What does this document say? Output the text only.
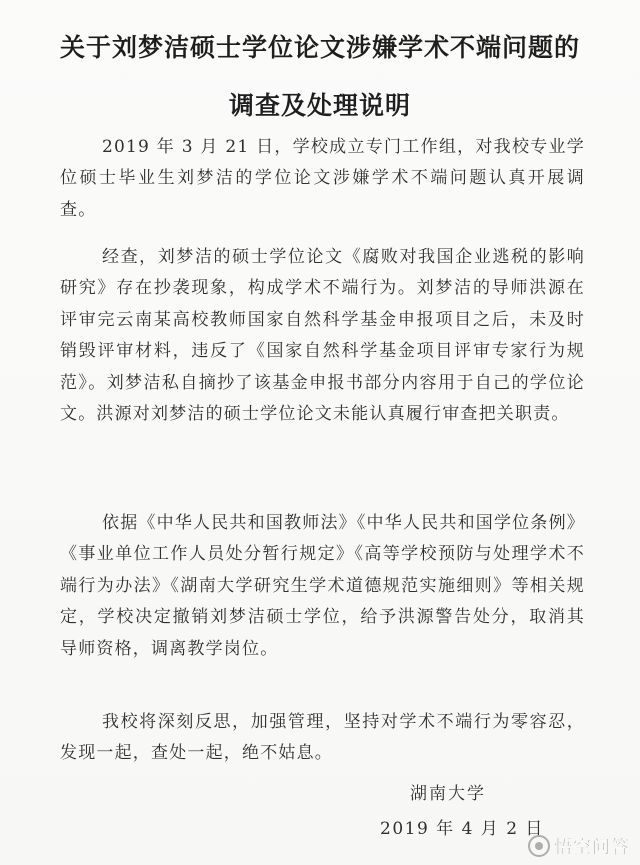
关于刘梦洁硕士学位论文涉嫌学术不端问题的
调查及处理说明
2019 年 3 月 21 日，学校成立专门工作组，对我校专业学位硕士毕业生刘梦洁的学位论文涉嫌学术不端问题认真开展调查。
经查，刘梦洁的硕士学位论文《腐败对我国企业逃税的影响研究》存在抄袭现象，构成学术不端行为。刘梦洁的导师洪源在评审完云南某高校教师国家自然科学基金申报项目之后，未及时销毁评审材料，违反了《国家自然科学基金项目评审专家行为规范》。刘梦洁私自摘抄了该基金申报书部分内容用于自己的学位论文。洪源对刘梦洁的硕士学位论文未能认真履行审查把关职责。
依据《中华人民共和国教师法》《中华人民共和国学位条例》《事业单位工作人员处分暂行规定》《高等学校预防与处理学术不端行为办法》《湖南大学研究生学术道德规范实施细则》等相关规定，学校决定撤销刘梦洁硕士学位，给予洪源警告处分，取消其导师资格，调离教学岗位。
我校将深刻反思，加强管理，坚持对学术不端行为零容忍，发现一起，查处一起，绝不姑息。
湖南大学
2019 年 4 月 2 日
悟空问答
